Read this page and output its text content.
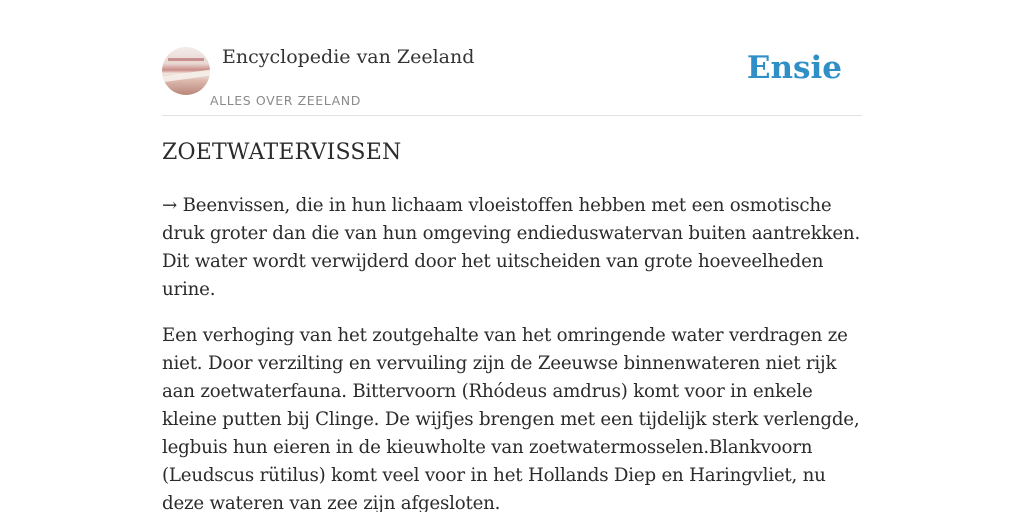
Encyclopedie van Zeeland
ALLES OVER ZEELAND
Ensie
ZOETWATERVISSEN

→ Beenvissen, die in hun lichaam vloeistoffen hebben met een osmotische druk groter dan die van hun omgeving endieduswatervan buiten aantrekken. Dit water wordt verwijderd door het uitscheiden van grote hoeveelheden urine.

Een verhoging van het zoutgehalte van het omringende water verdragen ze niet. Door verzilting en vervuiling zijn de Zeeuwse binnenwateren niet rijk aan zoetwaterfauna. Bittervoorn (Rhódeus amdrus) komt voor in enkele kleine putten bij Clinge. De wijfjes brengen met een tijdelijk sterk verlengde, legbuis hun eieren in de kieuwholte van zoetwatermosselen.Blankvoorn (Leudscus rütilus) komt veel voor in het Hollands Diep en Haringvliet, nu deze wateren van zee zijn afgesloten.
